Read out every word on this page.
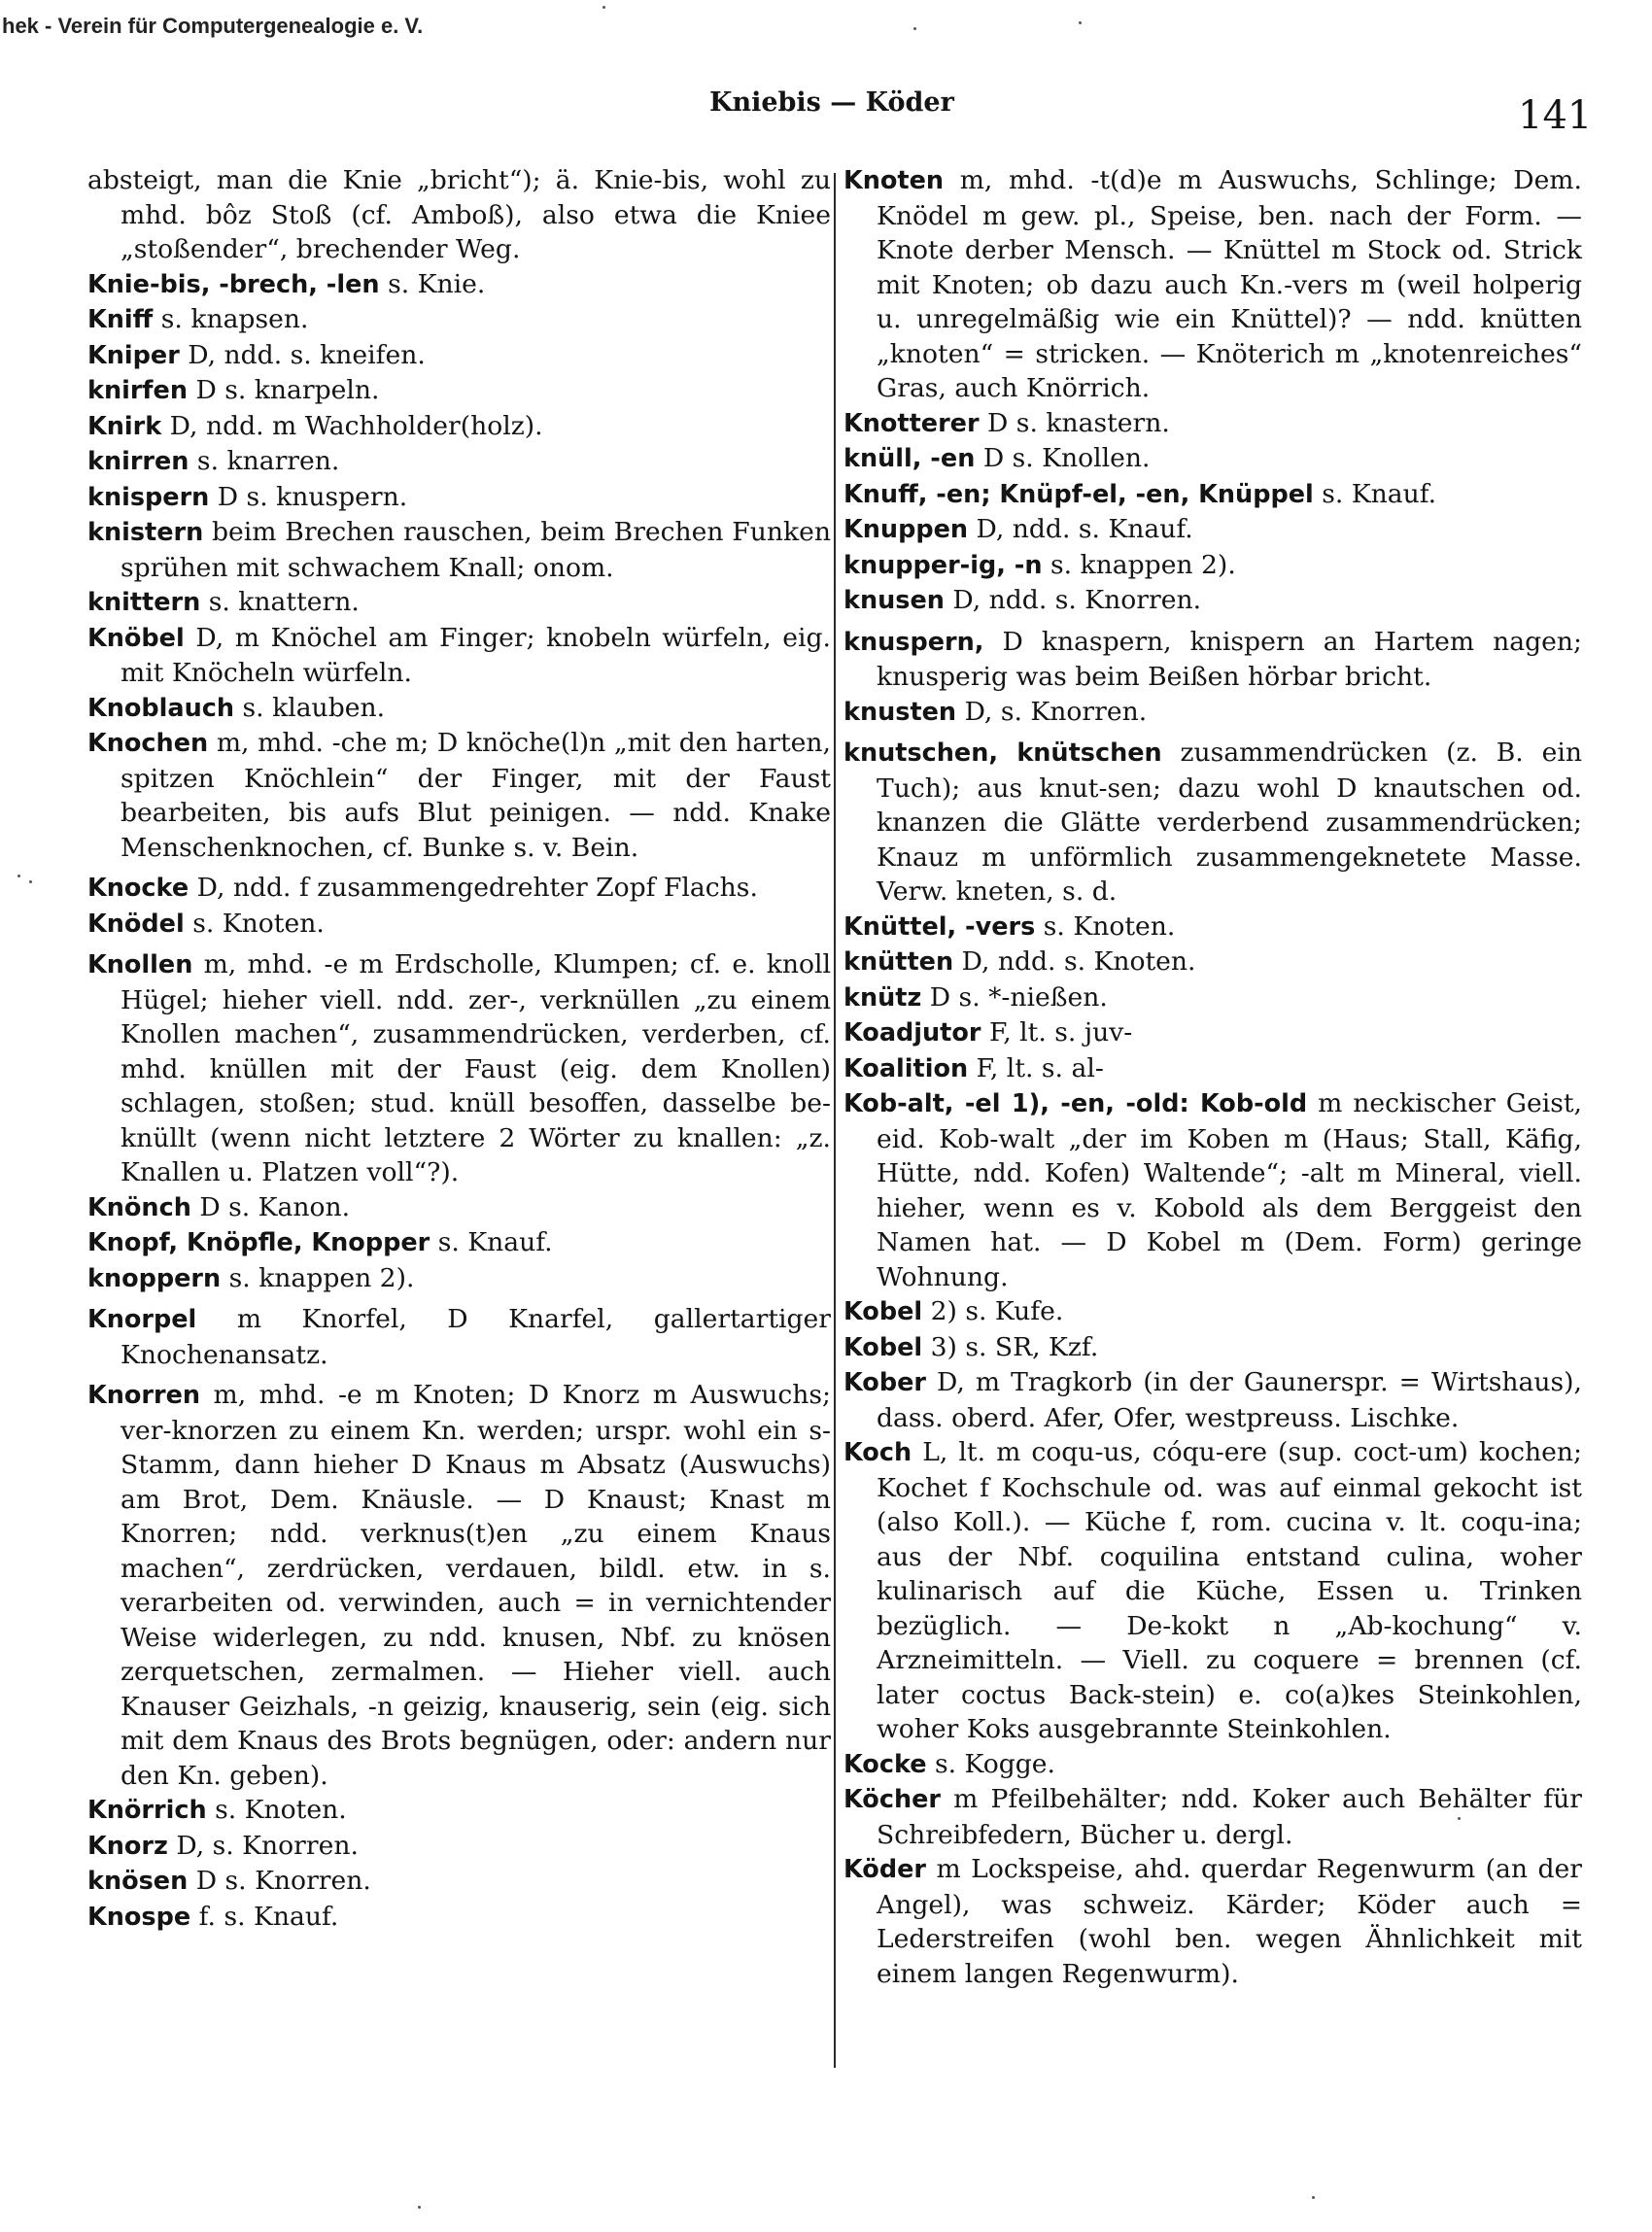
hek - Verein für Computergenealogie e. V.
Kniebis — Köder	141

absteigt, man die Knie „bricht“); ä. Knie-bis, wohl zu mhd. bôz Stoß (cf. Amboß), also etwa die Kniee „stoßender“, brechender Weg.

Knie-bis, -brech, -len s. Knie.

Kniff s. knapsen.

Kniper D, ndd. s. kneifen.

knirfen D s. knarpeln.

Knirk D, ndd. m Wachholder(holz).

knirren s. knarren.

knispern D s. knuspern.

knistern beim Brechen rauschen, beim Brechen Funken sprühen mit schwachem Knall; onom.

knittern s. knattern.

Knöbel D, m Knöchel am Finger; knobeln würfeln, eig. mit Knöcheln würfeln.

Knoblauch s. klauben.

Knochen m, mhd. -che m; D knöche(l)n „mit den harten, spitzen Knöchlein“ der Finger, mit der Faust bearbeiten, bis aufs Blut peinigen. — ndd. Knake Menschenknochen, cf. Bunke s. v. Bein.

Knocke D, ndd. f zusammengedrehter Zopf Flachs.

Knödel s. Knoten.

Knollen m, mhd. -e m Erdscholle, Klumpen; cf. e. knoll Hügel; hieher viell. ndd. zer-, verknüllen „zu einem Knollen machen“, zusammendrücken, verderben, cf. mhd. knüllen mit der Faust (eig. dem Knollen) schlagen, stoßen; stud. knüll besoffen, dasselbe be-knüllt (wenn nicht letztere 2 Wörter zu knallen: „z. Knallen u. Platzen voll“?).

Knönch D s. Kanon.

Knopf, Knöpfle, Knopper s. Knauf.

knoppern s. knappen 2).

Knorpel m Knorfel, D Knarfel, gallertartiger Knochenansatz.

Knorren m, mhd. -e m Knoten; D Knorz m Auswuchs; ver-knorzen zu einem Kn. werden; urspr. wohl ein s-Stamm, dann hieher D Knaus m Absatz (Auswuchs) am Brot, Dem. Knäusle. — D Knaust; Knast m Knorren; ndd. verknus(t)en „zu einem Knaus machen“, zerdrücken, verdauen, bildl. etw. in s. verarbeiten od. verwinden, auch = in vernichtender Weise widerlegen, zu ndd. knusen, Nbf. zu knösen zerquetschen, zermalmen. — Hieher viell. auch Knauser Geizhals, -n geizig, knauserig, sein (eig. sich mit dem Knaus des Brots begnügen, oder: andern nur den Kn. geben).

Knörrich s. Knoten.

Knorz D, s. Knorren.

knösen D s. Knorren.

Knospe f. s. Knauf.

Knoten m, mhd. -t(d)e m Auswuchs, Schlinge; Dem. Knödel m gew. pl., Speise, ben. nach der Form. — Knote derber Mensch. — Knüttel m Stock od. Strick mit Knoten; ob dazu auch Kn.-vers m (weil holperig u. unregelmäßig wie ein Knüttel)? — ndd. knütten „knoten“ = stricken. — Knöterich m „knotenreiches“ Gras, auch Knörrich.

Knotterer D s. knastern.

knüll, -en D s. Knollen.

Knuff, -en; Knüpf-el, -en, Knüppel s. Knauf.

Knuppen D, ndd. s. Knauf.

knupper-ig, -n s. knappen 2).

knusen D, ndd. s. Knorren.

knuspern, D knaspern, knispern an Hartem nagen; knusperig was beim Beißen hörbar bricht.

knusten D, s. Knorren.

knutschen, knütschen zusammendrücken (z. B. ein Tuch); aus knut-sen; dazu wohl D knautschen od. knanzen die Glätte verderbend zusammendrücken; Knauz m unförmlich zusammengeknetete Masse. Verw. kneten, s. d.

Knüttel, -vers s. Knoten.

knütten D, ndd. s. Knoten.

knütz D s. *-nießen.

Koadjutor F, lt. s. juv-

Koalition F, lt. s. al-

Kob-alt, -el 1), -en, -old: Kob-old m neckischer Geist, eid. Kob-walt „der im Koben m (Haus; Stall, Käfig, Hütte, ndd. Kofen) Waltende“; -alt m Mineral, viell. hieher, wenn es v. Kobold als dem Berggeist den Namen hat. — D Kobel m (Dem. Form) geringe Wohnung.

Kobel 2) s. Kufe.

Kobel 3) s. SR, Kzf.

Kober D, m Tragkorb (in der Gaunerspr. = Wirtshaus), dass. oberd. Afer, Ofer, westpreuss. Lischke.

Koch L, lt. m coqu-us, cóqu-ere (sup. coct-um) kochen; Kochet f Kochschule od. was auf einmal gekocht ist (also Koll.). — Küche f, rom. cucina v. lt. coqu-ina; aus der Nbf. coquilina entstand culina, woher kulinarisch auf die Küche, Essen u. Trinken bezüglich. — De-kokt n „Ab-kochung“ v. Arzneimitteln. — Viell. zu coquere = brennen (cf. later coctus Back-stein) e. co(a)kes Steinkohlen, woher Koks ausgebrannte Steinkohlen.

Kocke s. Kogge.

Köcher m Pfeilbehälter; ndd. Koker auch Behälter für Schreibfedern, Bücher u. dergl.

Köder m Lockspeise, ahd. querdar Regenwurm (an der Angel), was schweiz. Kärder; Köder auch = Lederstreifen (wohl ben. wegen Ähnlichkeit mit einem langen Regenwurm).
